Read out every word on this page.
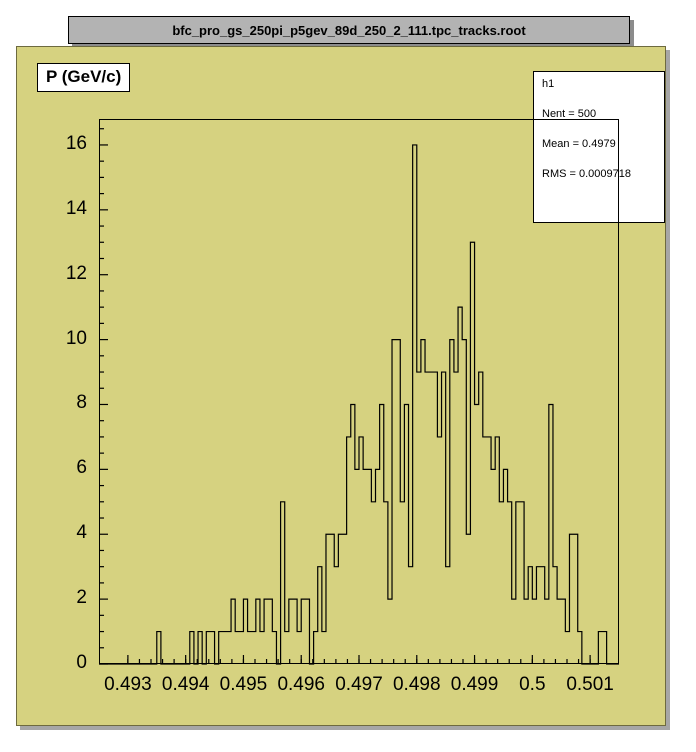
bfc_pro_gs_250pi_p5gev_89d_250_2_111.tpc_tracks.root
P (GeV/c)	h1
Nent = 500
Mean = 0.4979
RMS = 0.0009718
0
2
4
6
8
10
12
14
16
0.493 0.494 0.495 0.496 0.497 0.498 0.499	0.5	0.501
